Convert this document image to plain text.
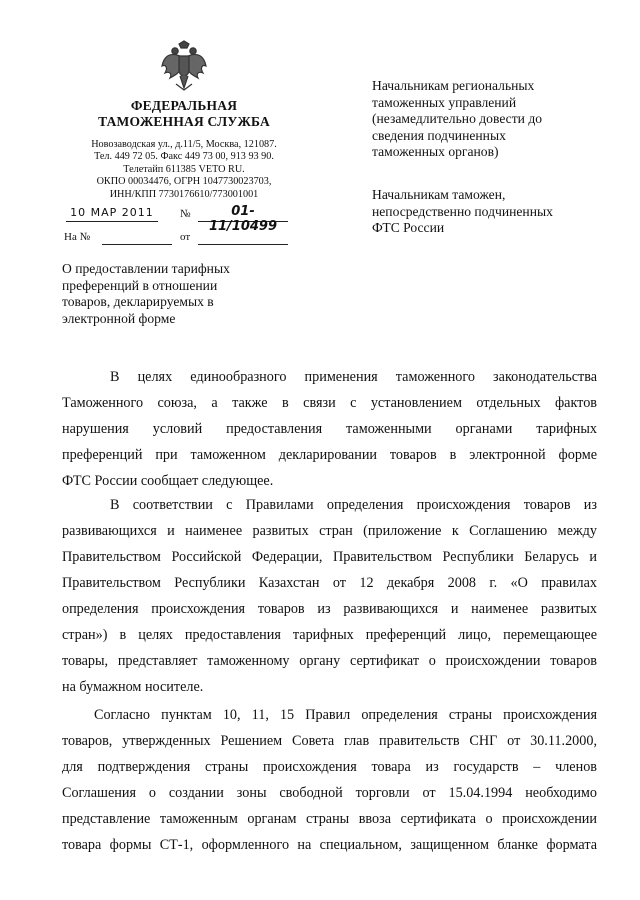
ФЕДЕРАЛЬНАЯ
ТАМОЖЕННАЯ СЛУЖБА
Новозаводская ул., д.11/5, Москва, 121087.
Тел. 449 72 05. Факс 449 73 00, 913 93 90.
Телетайп 611385 VETO RU.
ОКПО 00034476, ОГРН 1047730023703,
ИНН/КПП 7730176610/773001001
10 МАР 2011	№	01-11/10499
На №	от
О предоставлении тарифных
преференций в отношении
товаров, декларируемых в
электронной форме
Начальникам региональных
таможенных управлений
(незамедлительно довести до
сведения подчиненных
таможенных органов)
Начальникам таможен,
непосредственно подчиненных
ФТС России
В целях единообразного применения таможенного законодательства
Таможенного союза, а также в связи с установлением отдельных фактов
нарушения условий предоставления таможенными органами тарифных
преференций при таможенном декларировании товаров в электронной форме
ФТС России сообщает следующее.
В соответствии с Правилами определения происхождения товаров из
развивающихся и наименее развитых стран (приложение к Соглашению между
Правительством Российской Федерации, Правительством Республики Беларусь и
Правительством Республики Казахстан от 12 декабря 2008 г. «О правилах
определения происхождения товаров из развивающихся и наименее развитых
стран») в целях предоставления тарифных преференций лицо, перемещающее
товары, представляет таможенному органу сертификат о происхождении товаров
на бумажном носителе.
Согласно пунктам 10, 11, 15 Правил определения страны происхождения
товаров, утвержденных Решением Совета глав правительств СНГ от 30.11.2000,
для подтверждения страны происхождения товара из государств – членов
Соглашения о создании зоны свободной торговли от 15.04.1994 необходимо
представление таможенным органам страны ввоза сертификата о происхождении
товара формы СТ-1, оформленного на специальном, защищенном бланке формата
